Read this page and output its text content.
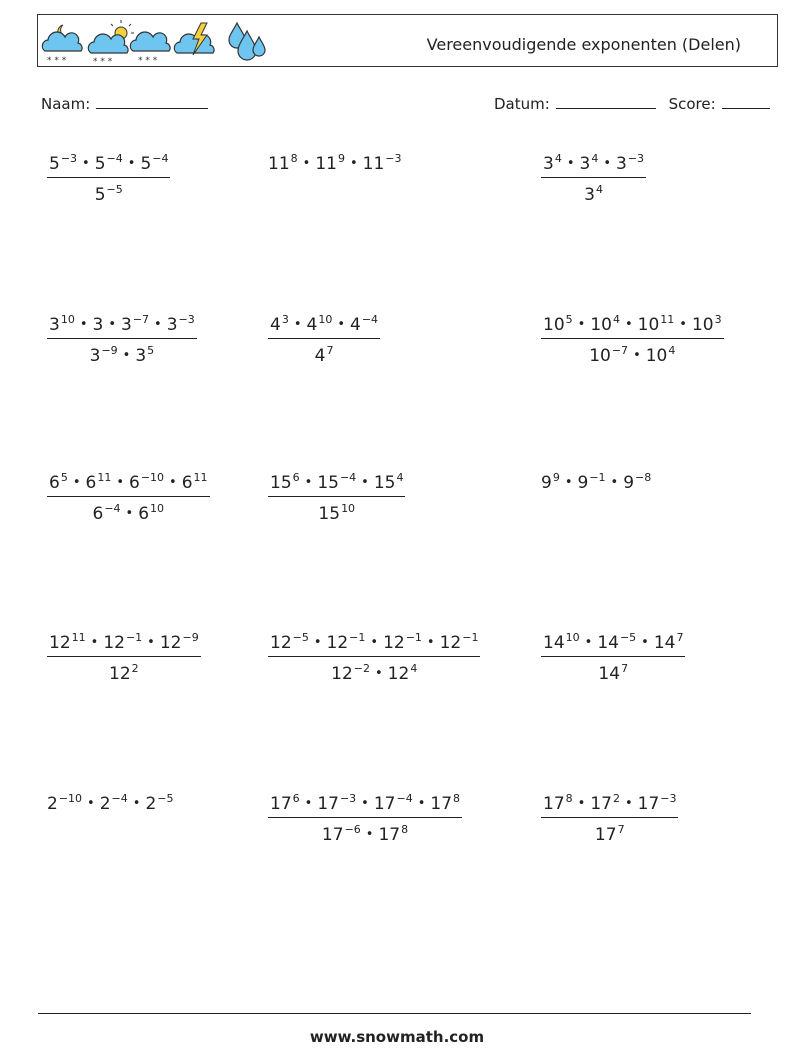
* * *	* * *	* * *
Vereenvoudigende exponenten (Delen)
Naam:	Datum:	Score:
$\frac{5^{-3} • 5^{-4} • 5^{-4}}{5^{-5}}$	$11^8$ • $11^9$ • $11^{-3}$	$\frac{3^4 • 3^4 • 3^{-3}}{3^4}$
$\frac{3^{10} • 3 • 3^{-7} • 3^{-3}}{3^{-9} • 3^5}$	$\frac{4^3 • 4^{10} • 4^{-4}}{4^7}$	$\frac{10^5 • 10^4 • 10^{11} • 10^3}{10^{-7} • 10^4}$
$\frac{6^5 • 6^{11} • 6^{-10} • 6^{11}}{6^{-4} • 6^{10}}$	$\frac{15^6 • 15^{-4} • 15^4}{15^{10}}$	$9^9$ • $9^{-1}$ • $9^{-8}$
$\frac{12^{11} • 12^{-1} • 12^{-9}}{12^2}$	$\frac{12^{-5} • 12^{-1} • 12^{-1} • 12^{-1}}{12^{-2} • 12^4}$	$\frac{14^{10} • 14^{-5} • 14^7}{14^7}$
$2^{-10}$ • $2^{-4}$ • $2^{-5}$	$\frac{17^6 • 17^{-3} • 17^{-4} • 17^8}{17^{-6} • 17^8}$	$\frac{17^8 • 17^2 • 17^{-3}}{17^7}$
www.snowmath.com
